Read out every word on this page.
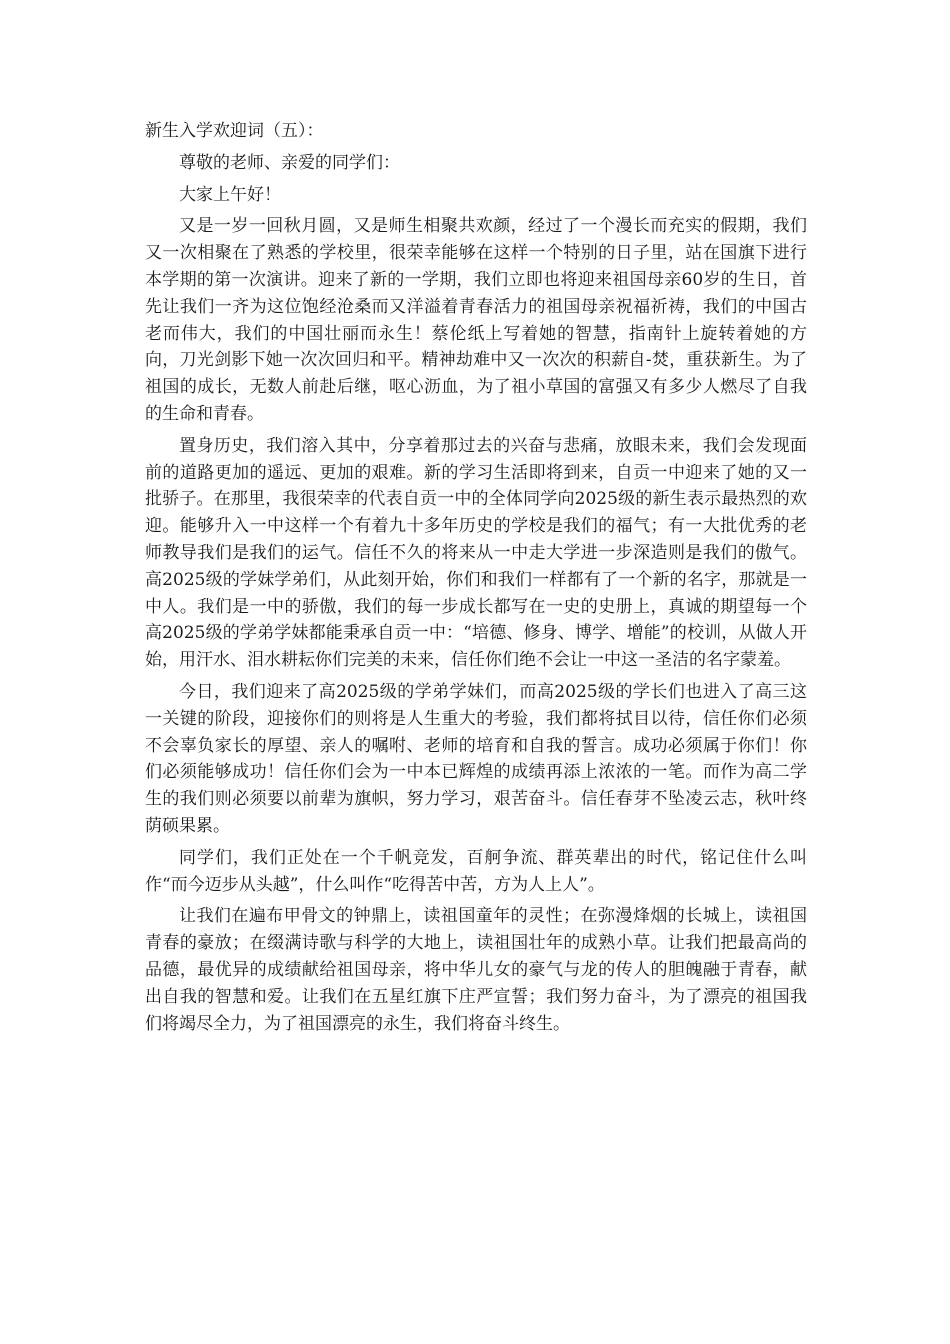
新生入学欢迎词（五）：

尊敬的老师、亲爱的同学们：

大家上午好！

又是一岁一回秋月圆，又是师生相聚共欢颜，经过了一个漫长而充实的假期，我们又一次相聚在了熟悉的学校里，很荣幸能够在这样一个特别的日子里，站在国旗下进行本学期的第一次演讲。迎来了新的一学期，我们立即也将迎来祖国母亲60岁的生日，首先让我们一齐为这位饱经沧桑而又洋溢着青春活力的祖国母亲祝福祈祷，我们的中国古老而伟大，我们的中国壮丽而永生！蔡伦纸上写着她的智慧，指南针上旋转着她的方向，刀光剑影下她一次次回归和平。精神劫难中又一次次的积薪自-焚，重获新生。为了祖国的成长，无数人前赴后继，呕心沥血，为了祖小草国的富强又有多少人燃尽了自我的生命和青春。

置身历史，我们溶入其中，分享着那过去的兴奋与悲痛，放眼未来，我们会发现面前的道路更加的遥远、更加的艰难。新的学习生活即将到来，自贡一中迎来了她的又一批骄子。在那里，我很荣幸的代表自贡一中的全体同学向2025级的新生表示最热烈的欢迎。能够升入一中这样一个有着九十多年历史的学校是我们的福气；有一大批优秀的老师教导我们是我们的运气。信任不久的将来从一中走大学进一步深造则是我们的傲气。高2025级的学妹学弟们，从此刻开始，你们和我们一样都有了一个新的名字，那就是一中人。我们是一中的骄傲，我们的每一步成长都写在一史的史册上，真诚的期望每一个高2025级的学弟学妹都能秉承自贡一中：“培德、修身、博学、增能”的校训，从做人开始，用汗水、泪水耕耘你们完美的未来，信任你们绝不会让一中这一圣洁的名字蒙羞。

今日，我们迎来了高2025级的学弟学妹们，而高2025级的学长们也进入了高三这一关键的阶段，迎接你们的则将是人生重大的考验，我们都将拭目以待，信任你们必须不会辜负家长的厚望、亲人的嘱咐、老师的培育和自我的誓言。成功必须属于你们！你们必须能够成功！信任你们会为一中本已辉煌的成绩再添上浓浓的一笔。而作为高二学生的我们则必须要以前辈为旗帜，努力学习，艰苦奋斗。信任春芽不坠凌云志，秋叶终荫硕果累。

同学们，我们正处在一个千帆竞发，百舸争流、群英辈出的时代，铭记住什么叫作“而今迈步从头越”，什么叫作“吃得苦中苦，方为人上人”。

让我们在遍布甲骨文的钟鼎上，读祖国童年的灵性；在弥漫烽烟的长城上，读祖国青春的豪放；在缀满诗歌与科学的大地上，读祖国壮年的成熟小草。让我们把最高尚的品德，最优异的成绩献给祖国母亲，将中华儿女的豪气与龙的传人的胆魄融于青春，献出自我的智慧和爱。让我们在五星红旗下庄严宣誓；我们努力奋斗，为了漂亮的祖国我们将竭尽全力，为了祖国漂亮的永生，我们将奋斗终生。
